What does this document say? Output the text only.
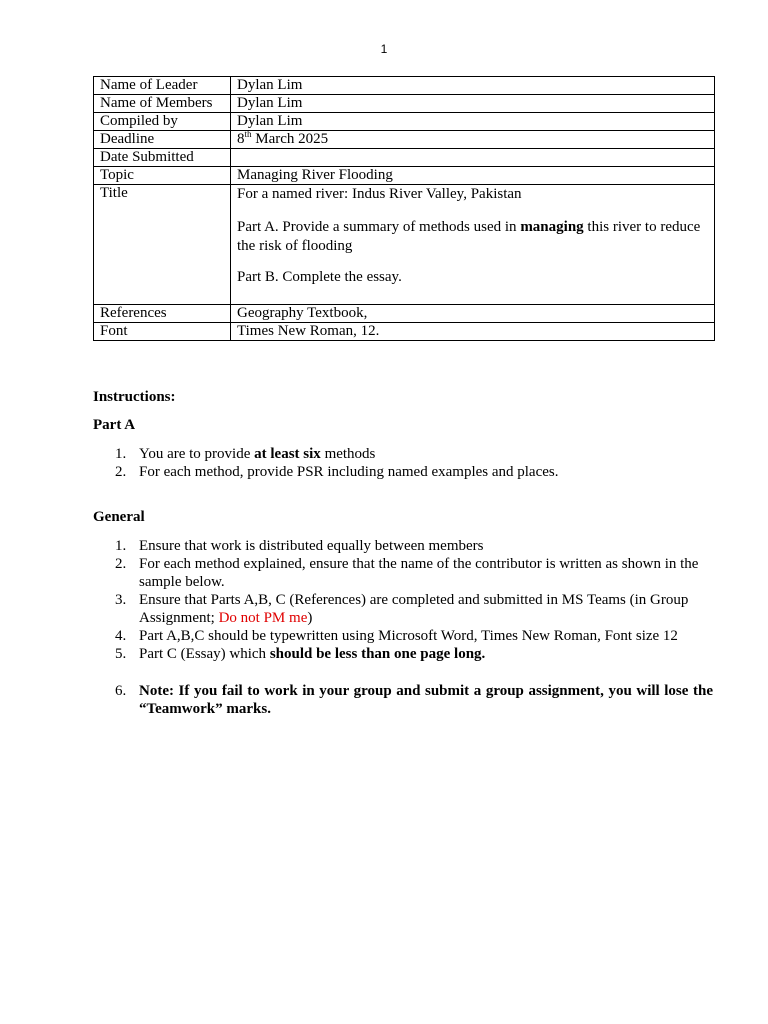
1
Name of Leader	Dylan Lim
Name of Members	Dylan Lim
Compiled by	Dylan Lim
Deadline	8th March 2025
Date Submitted	
Topic	Managing River Flooding
Title	For a named river: Indus River Valley, Pakistan

Part A. Provide a summary of methods used in managing this river to reduce the risk of flooding

Part B. Complete the essay.

References	Geography Textbook,
Font	Times New Roman, 12.
Instructions:
Part A
1. You are to provide at least six methods
2. For each method, provide PSR including named examples and places.
General
1. Ensure that work is distributed equally between members
2. For each method explained, ensure that the name of the contributor is written as shown in the sample below.
3. Ensure that Parts A,B, C (References) are completed and submitted in MS Teams (in Group Assignment; Do not PM me)
4. Part A,B,C should be typewritten using Microsoft Word, Times New Roman, Font size 12
5. Part C (Essay) which should be less than one page long.
6. Note: If you fail to work in your group and submit a group assignment, you will lose the “Teamwork” marks.
